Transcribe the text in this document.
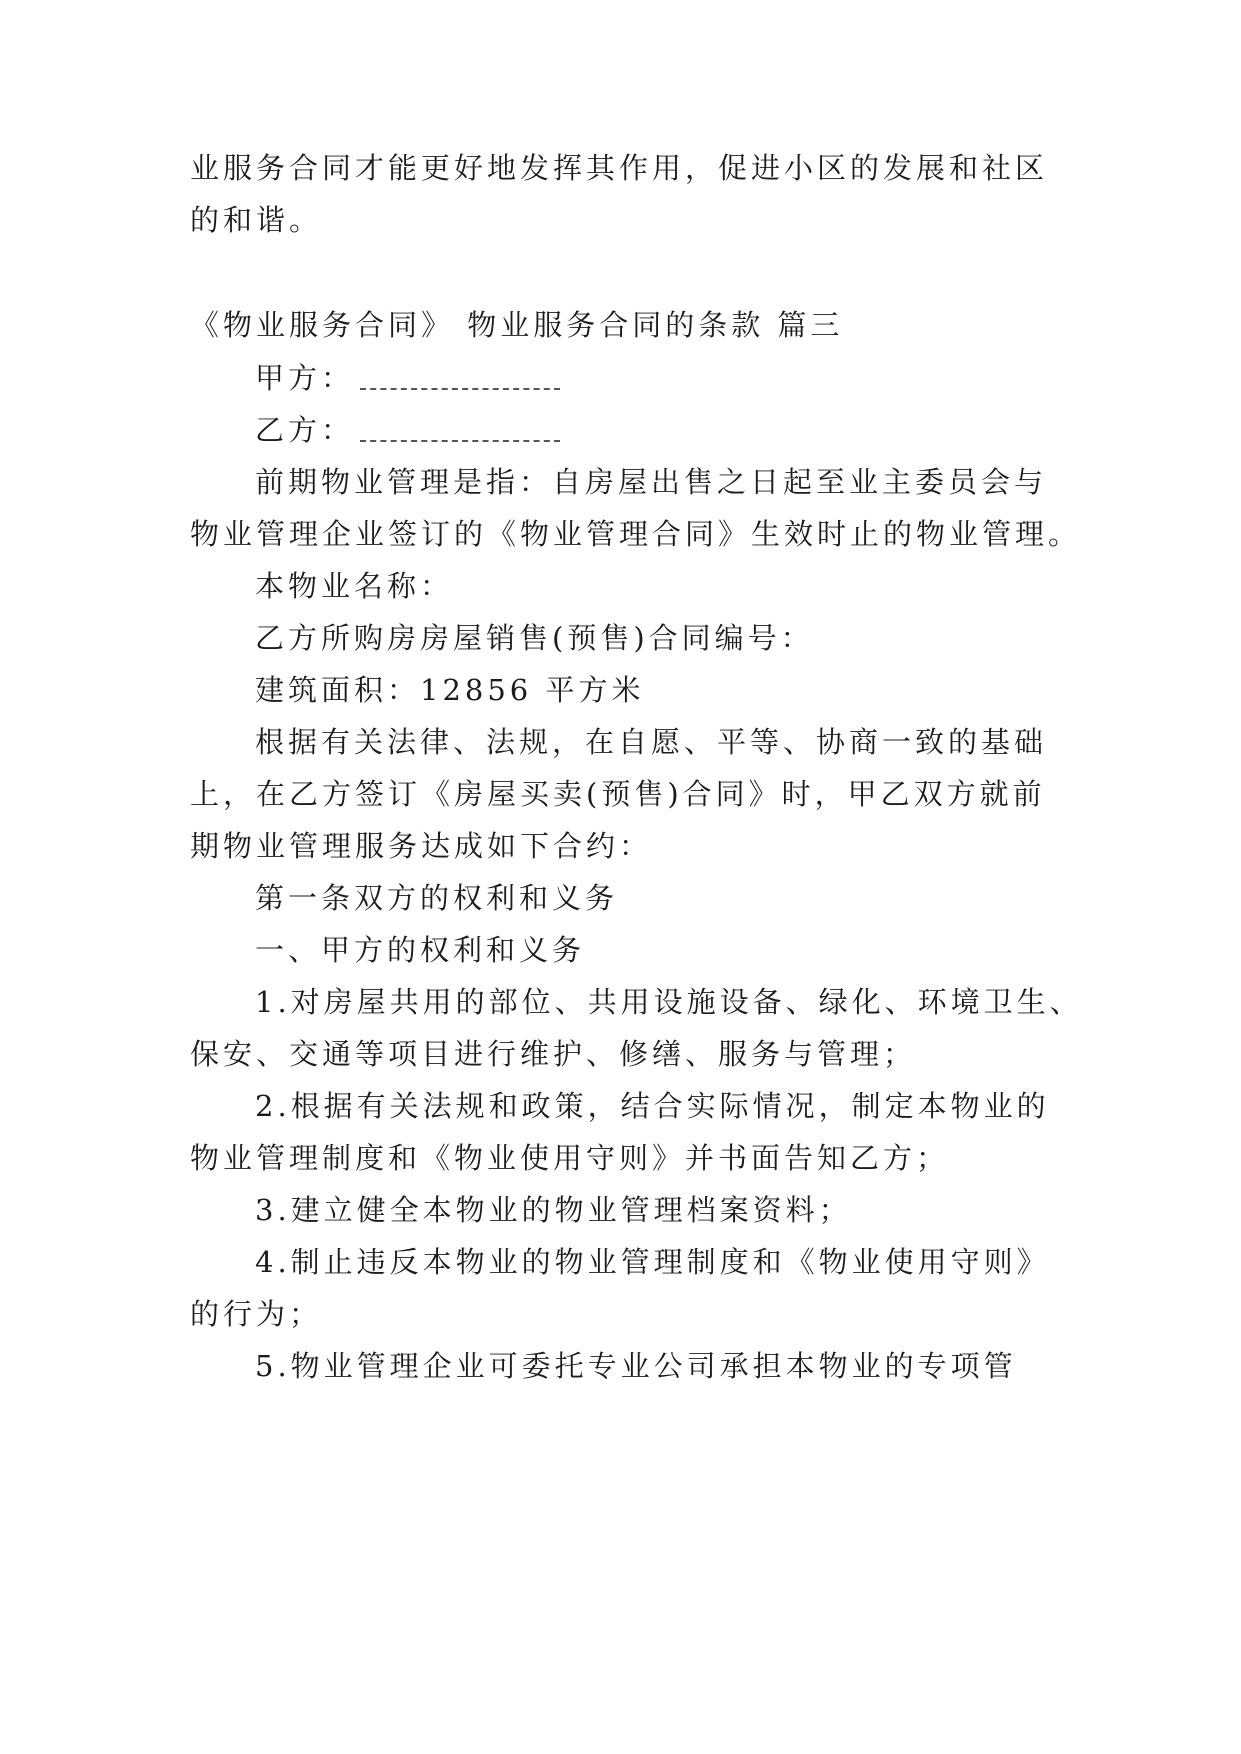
业服务合同才能更好地发挥其作用，促进小区的发展和社区
的和谐。
《物业服务合同》 物业服务合同的条款 篇三
甲方：
乙方：
前期物业管理是指：自房屋出售之日起至业主委员会与
物业管理企业签订的《物业管理合同》生效时止的物业管理。
本物业名称：
乙方所购房房屋销售(预售)合同编号：
建筑面积：12856 平方米
根据有关法律、法规，在自愿、平等、协商一致的基础
上，在乙方签订《房屋买卖(预售)合同》时，甲乙双方就前
期物业管理服务达成如下合约：
第一条双方的权利和义务
一、甲方的权利和义务
1.对房屋共用的部位、共用设施设备、绿化、环境卫生、
保安、交通等项目进行维护、修缮、服务与管理；
2.根据有关法规和政策，结合实际情况，制定本物业的
物业管理制度和《物业使用守则》并书面告知乙方；
3.建立健全本物业的物业管理档案资料；
4.制止违反本物业的物业管理制度和《物业使用守则》
的行为；
5.物业管理企业可委托专业公司承担本物业的专项管
